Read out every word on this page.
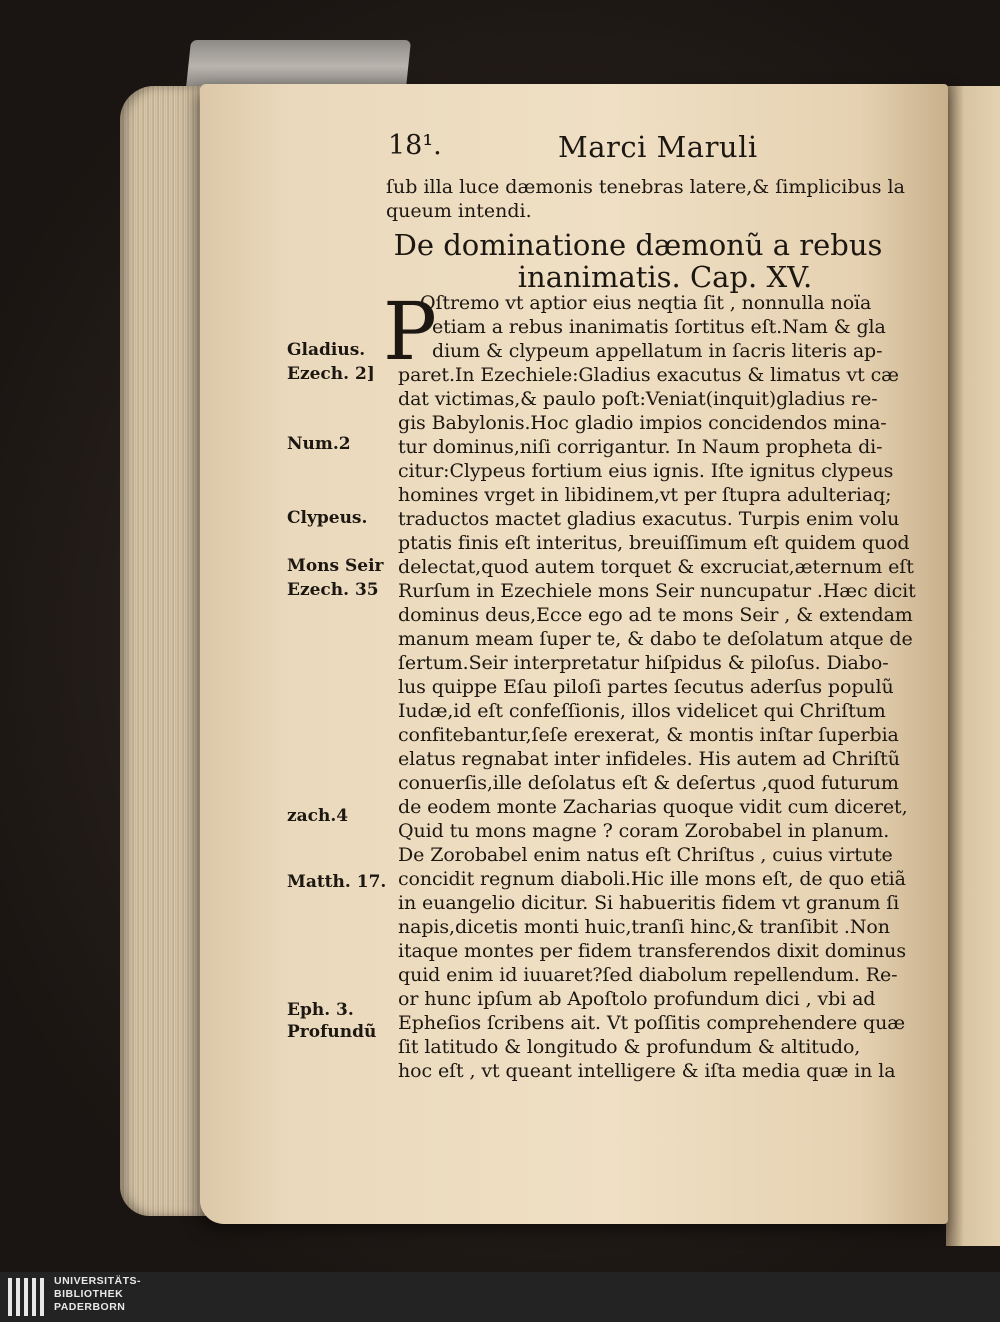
18¹.	Marci Maruli
ſub illa luce dæmonis tenebras latere,& ſimplicibus la
queum intendi.
De dominatione dæmonũ a rebus
inanimatis. Cap. XV.
P
Oſtremo vt aptior eius neqtia ſit , nonnulla noïa
etiam a rebus inanimatis ſortitus eſt.Nam & gla
dium & clypeum appellatum in ſacris literis ap-
paret.In Ezechiele:Gladius exacutus & limatus vt cæ
dat victimas,& paulo poſt:Veniat(inquit)gladius re-
gis Babylonis.Hoc gladio impios concidendos mina-
tur dominus,niſi corrigantur. In Naum propheta di-
citur:Clypeus fortium eius ignis. Iſte ignitus clypeus
homines vrget in libidinem,vt per ſtupra adulteriaq;
traductos mactet gladius exacutus. Turpis enim volu
ptatis finis eſt interitus, breuiſſimum eſt quidem quod
delectat,quod autem torquet & excruciat,æternum eſt
Rurſum in Ezechiele mons Seir nuncupatur .Hæc dicit
dominus deus,Ecce ego ad te mons Seir , & extendam
manum meam ſuper te, & dabo te deſolatum atque de
ſertum.Seir interpretatur hiſpidus & piloſus. Diabo-
lus quippe Eſau piloſi partes ſecutus aderſus populũ
Iudæ,id eſt confeſſionis, illos videlicet qui Chriſtum
confitebantur,ſeſe erexerat, & montis inſtar ſuperbia
elatus regnabat inter infideles. His autem ad Chriſtũ
conuerſis,ille deſolatus eſt & deſertus ,quod futurum
de eodem monte Zacharias quoque vidit cum diceret,
Quid tu mons magne ? coram Zorobabel in planum.
De Zorobabel enim natus eſt Chriſtus , cuius virtute
concidit regnum diaboli.Hic ille mons eſt, de quo etiã
in euangelio dicitur. Si habueritis fidem vt granum ſi
napis,dicetis monti huic,tranſi hinc,& tranſibit .Non
itaque montes per fidem transferendos dixit dominus
quid enim id iuuaret?ſed diabolum repellendum. Re-
or hunc ipſum ab Apoſtolo profundum dici , vbi ad
Epheſios ſcribens ait. Vt poſſitis comprehendere quæ
ſit latitudo & longitudo & profundum & altitudo,
hoc eſt , vt queant intelligere & iſta media quæ in la
Gladius.
Ezech. 2]
Num.2
Clypeus.
Mons Seir
Ezech. 35
zach.4
Matth. 17.
Eph. 3.
Profundũ
UNIVERSITÄTS-
BIBLIOTHEK
PADERBORN
